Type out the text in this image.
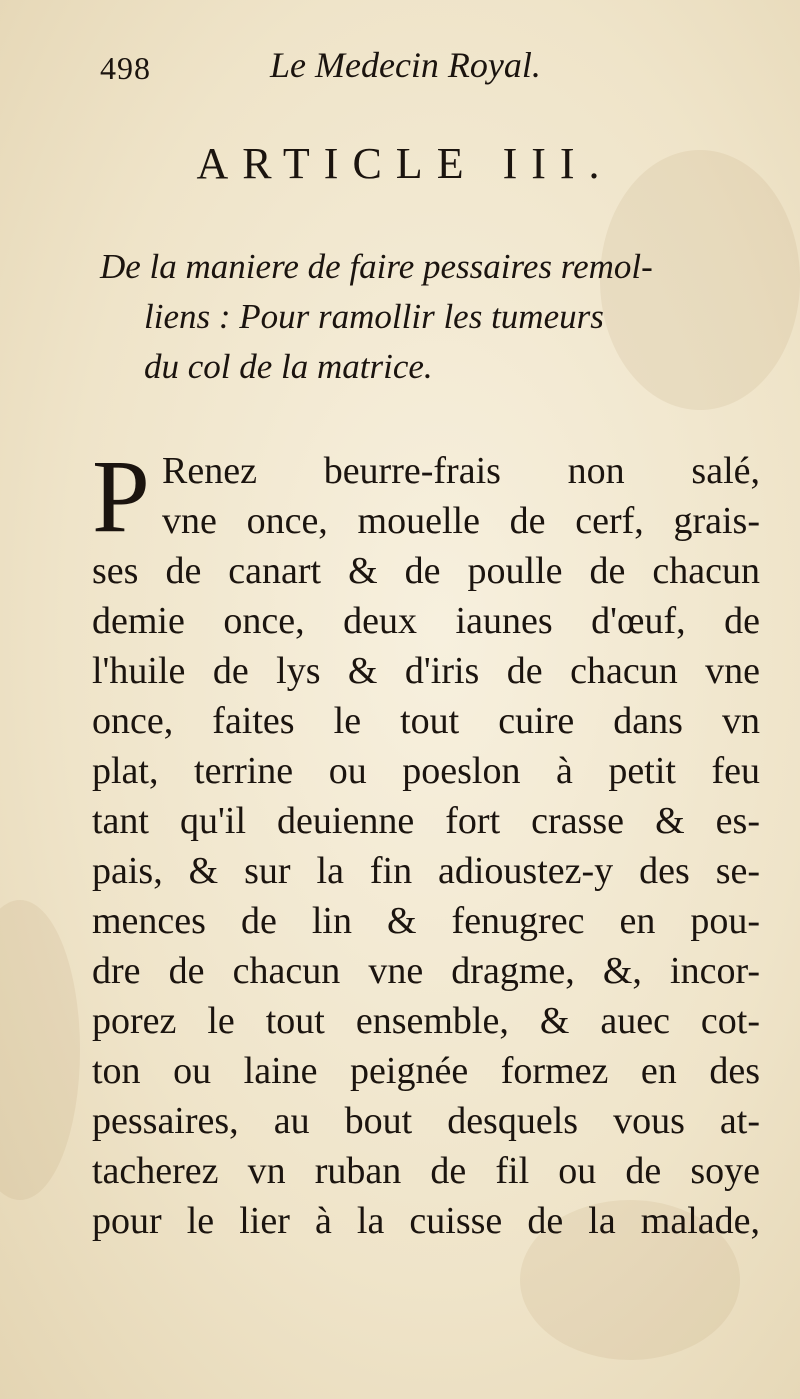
498	Le Medecin Royal.
ARTICLE III.
De la maniere de faire pessaires remol-
liens : Pour ramollir les tumeurs
du col de la matrice.
P Renez beurre-frais non salé,
vne once, mouelle de cerf, grais-
ses de canart & de poulle de chacun
demie once, deux iaunes d'œuf, de
l'huile de lys & d'iris de chacun vne
once, faites le tout cuire dans vn
plat, terrine ou poeslon à petit feu
tant qu'il deuienne fort crasse & es-
pais, & sur la fin adioustez-y des se-
mences de lin & fenugrec en pou-
dre de chacun vne dragme, &, incor-
porez le tout ensemble, & auec cot-
ton ou laine peignée formez en des
pessaires, au bout desquels vous at-
tacherez vn ruban de fil ou de soye
pour le lier à la cuisse de la malade,
